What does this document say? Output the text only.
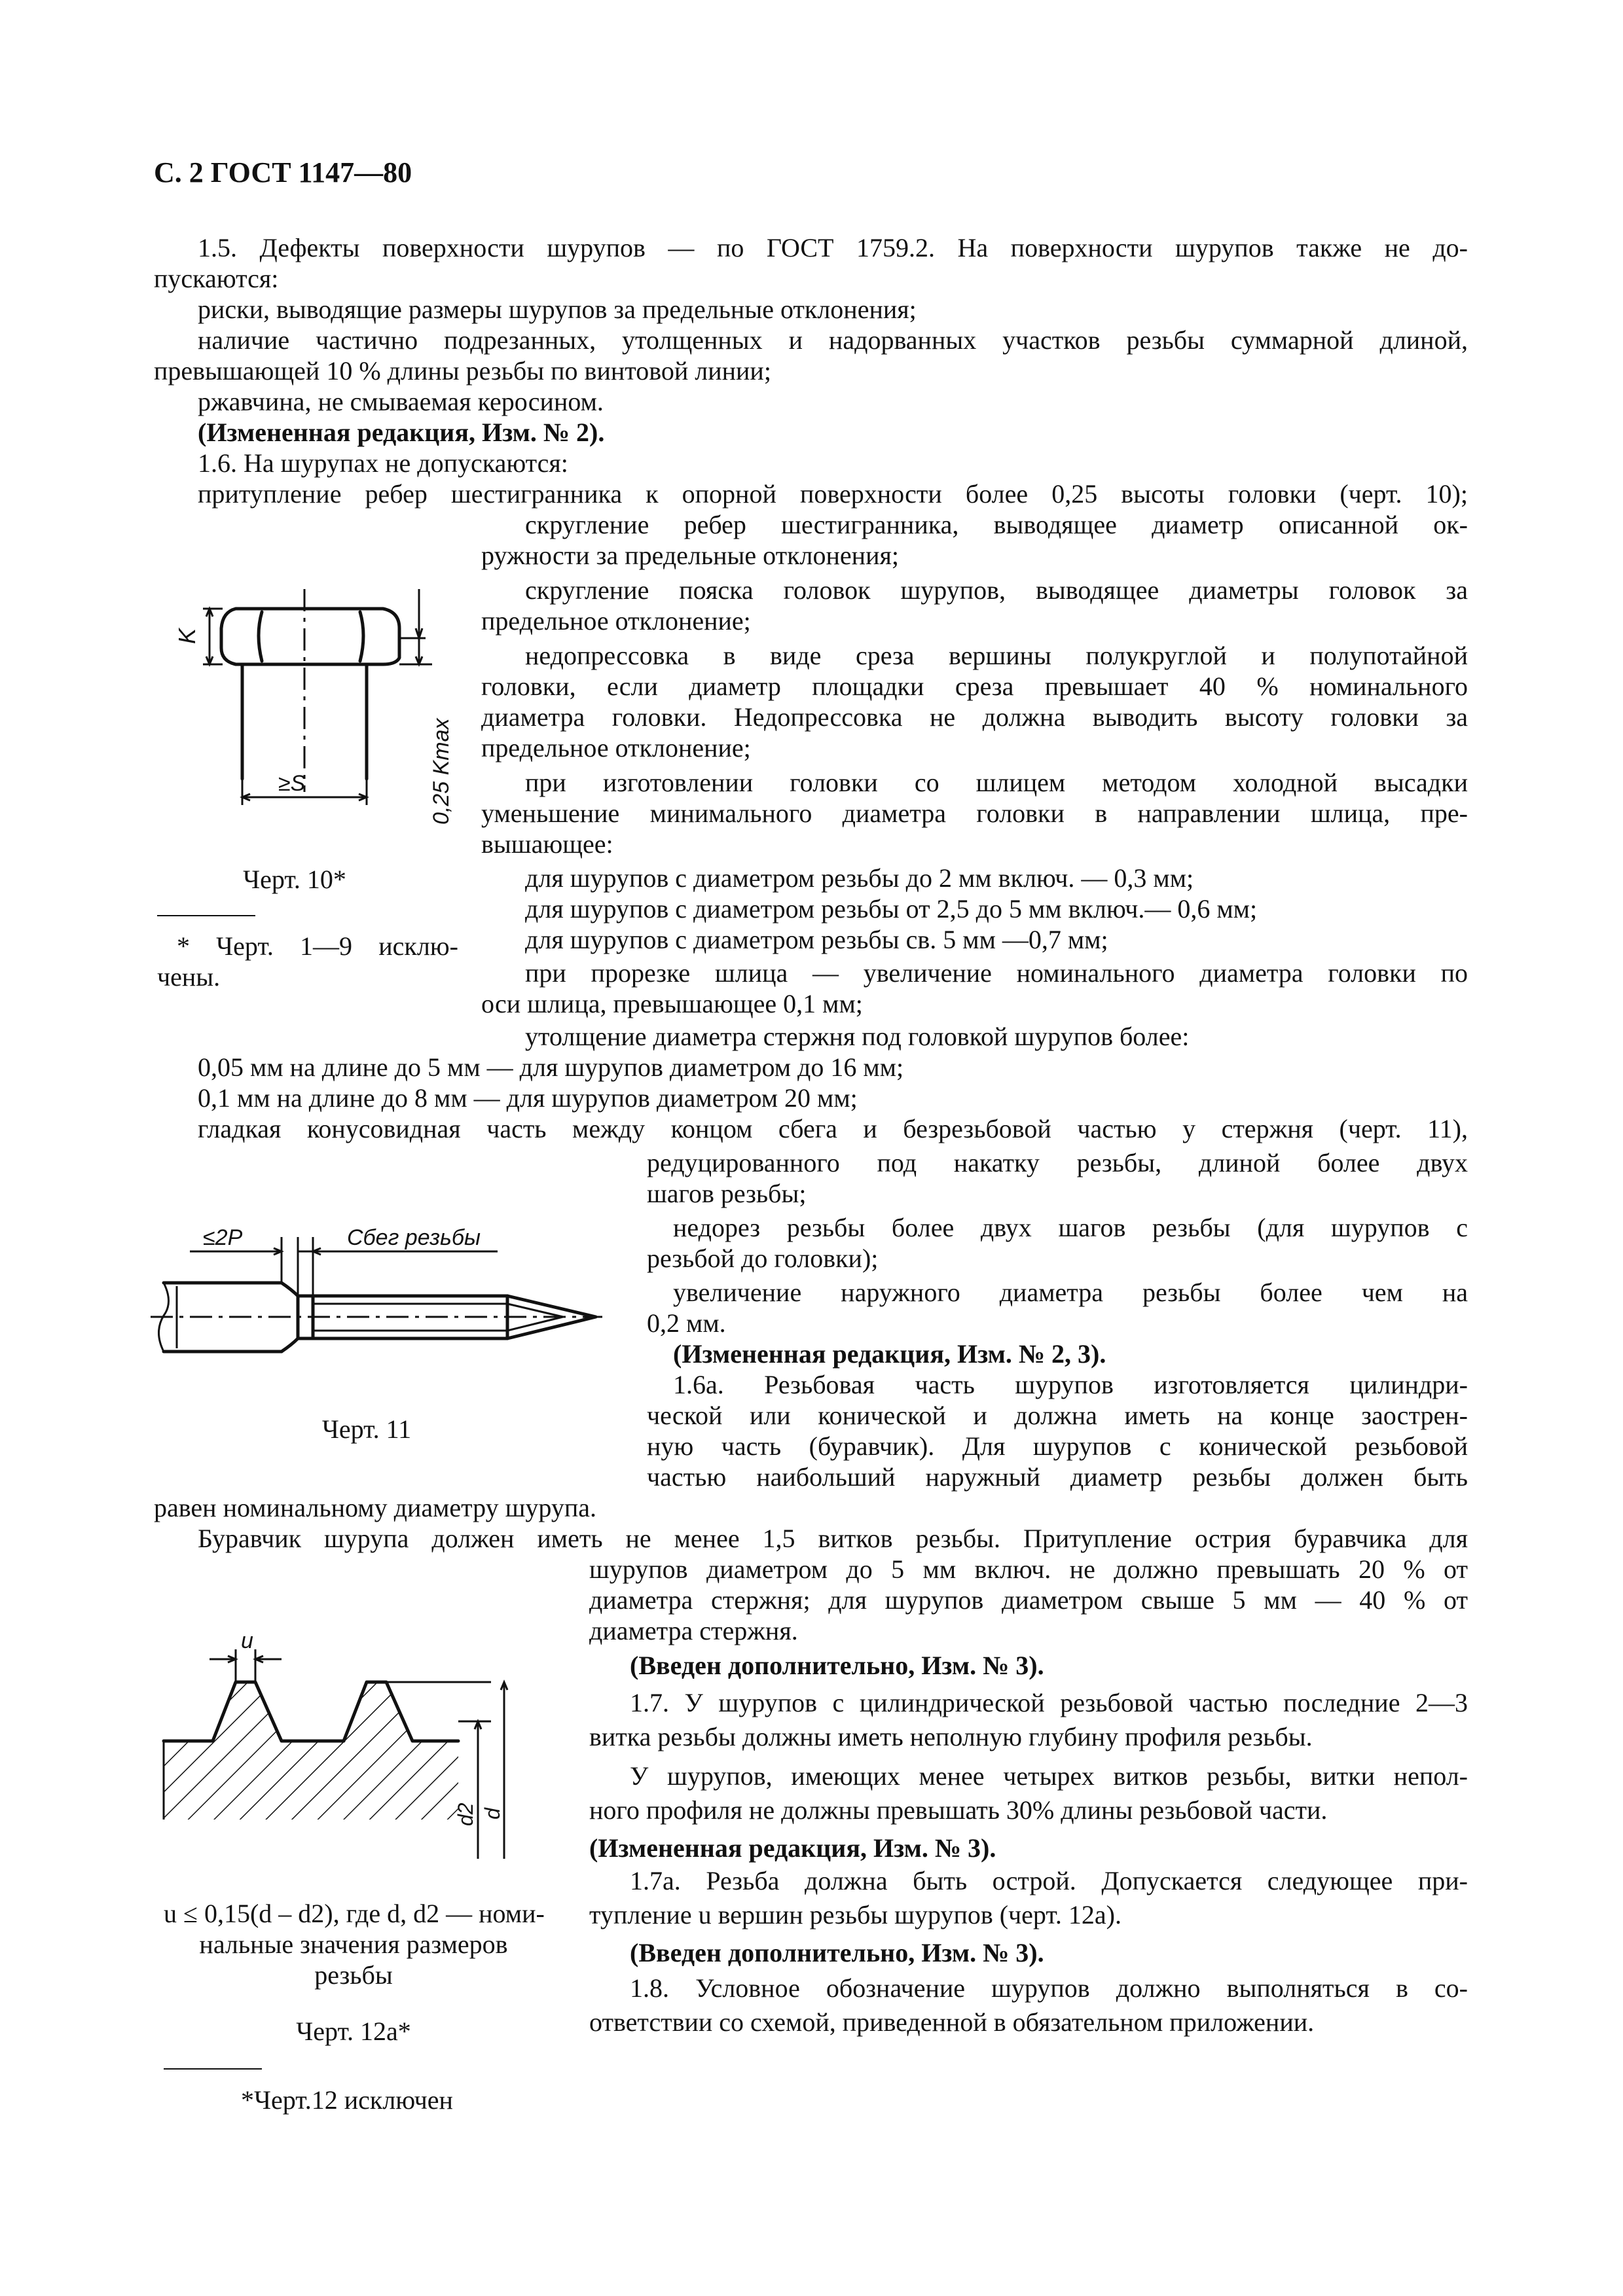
С. 2 ГОСТ 1147—80
1.5. Дефекты поверхности шурупов — по ГОСТ 1759.2. На поверхности шурупов также не до-
пускаются:
риски, выводящие размеры шурупов за предельные отклонения;
наличие частично подрезанных, утолщенных и надорванных участков резьбы суммарной длиной,
превышающей 10 % длины резьбы по винтовой линии;
ржавчина, не смываемая керосином.
(Измененная редакция, Изм. № 2).
1.6. На шурупах не допускаются:
притупление ребер шестигранника к опорной поверхности более 0,25 высоты головки (черт. 10);
скругление ребер шестигранника, выводящее диаметр описанной ок-
ружности за предельные отклонения;
скругление пояска головок шурупов, выводящее диаметры головок за
предельное отклонение;
недопрессовка в виде среза вершины полукруглой и полупотайной
головки, если диаметр площадки среза превышает 40 % номинального
диаметра головки. Недопрессовка не должна выводить высоту головки за
предельное отклонение;
при изготовлении головки со шлицем методом холодной высадки
уменьшение минимального диаметра головки в направлении шлица, пре-
вышающее:
для шурупов с диаметром резьбы до 2 мм включ. — 0,3 мм;
для шурупов с диаметром резьбы от 2,5 до 5 мм включ.— 0,6 мм;
для шурупов с диаметром резьбы св. 5 мм —0,7 мм;
при прорезке шлица — увеличение номинального диаметра головки по
оси шлица, превышающее 0,1 мм;
утолщение диаметра стержня под головкой шурупов более:
0,05 мм на длине до 5 мм — для шурупов диаметром до 16 мм;
0,1 мм на длине до 8 мм — для шурупов диаметром 20 мм;
гладкая конусовидная часть между концом сбега и безрезьбовой частью у стержня (черт. 11),
редуцированного под накатку резьбы, длиной более двух
шагов резьбы;
недорез резьбы более двух шагов резьбы (для шурупов с
резьбой до головки);
увеличение наружного диаметра резьбы более чем на
0,2 мм.
(Измененная редакция, Изм. № 2, 3).
1.6а. Резьбовая часть шурупов изготовляется цилиндри-
ческой или конической и должна иметь на конце заострен-
ную часть (буравчик). Для шурупов с конической резьбовой
частью наибольший наружный диаметр резьбы должен быть
равен номинальному диаметру шурупа.
Буравчик шурупа должен иметь не менее 1,5 витков резьбы. Притупление острия буравчика для
шурупов диаметром до 5 мм включ. не должно превышать 20 % от
диаметра стержня; для шурупов диаметром свыше 5 мм — 40 % от
диаметра стержня.
(Введен дополнительно, Изм. № 3).
1.7. У шурупов с цилиндрической резьбовой частью последние 2—3
витка резьбы должны иметь неполную глубину профиля резьбы.
У шурупов, имеющих менее четырех витков резьбы, витки непол-
ного профиля не должны превышать 30% длины резьбовой части.
(Измененная редакция, Изм. № 3).
1.7а. Резьба должна быть острой. Допускается следующее при-
тупление u вершин резьбы шурупов (черт. 12а).
(Введен дополнительно, Изм. № 3).
1.8. Условное обозначение шурупов должно выполняться в со-
ответствии со схемой, приведенной в обязательном приложении.
K
≥S	0,25 Kmax
Черт. 10*
* Черт. 1—9 исклю-
чены.
≤2P	Сбег резьбы
Черт. 11
u
d2 d
u ≤ 0,15(d – d2), где d, d2 — номи-
нальные значения размеров
резьбы
Черт. 12а*
*Черт.12 исключен
